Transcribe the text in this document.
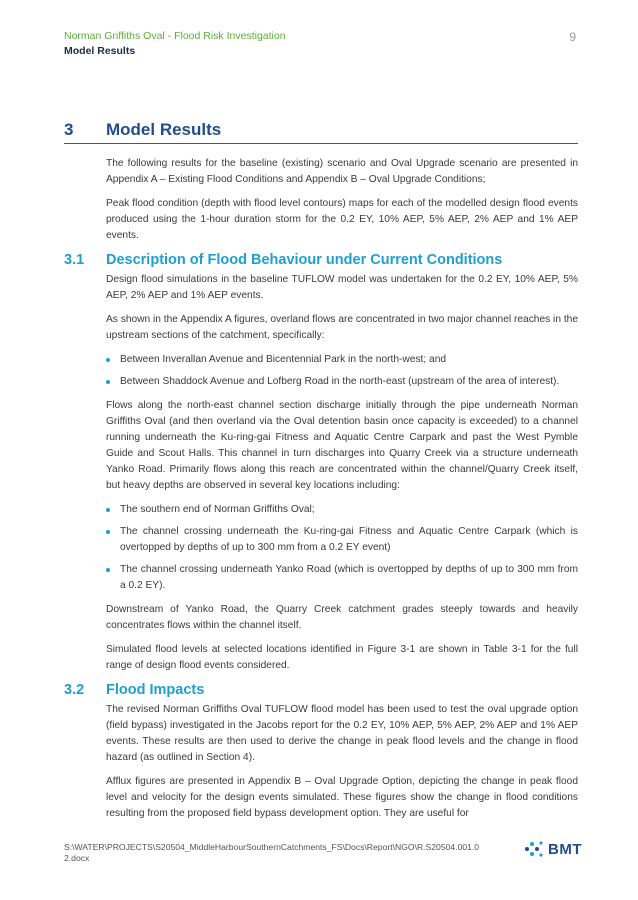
Norman Griffiths Oval - Flood Risk Investigation
Model Results
9
3	Model Results

The following results for the baseline (existing) scenario and Oval Upgrade scenario are presented in Appendix A – Existing Flood Conditions and Appendix B – Oval Upgrade Conditions;

Peak flood condition (depth with flood level contours) maps for each of the modelled design flood events produced using the 1-hour duration storm for the 0.2 EY, 10% AEP, 5% AEP, 2% AEP and 1% AEP events.

3.1	Description of Flood Behaviour under Current Conditions

Design flood simulations in the baseline TUFLOW model was undertaken for the 0.2 EY, 10% AEP, 5% AEP, 2% AEP and 1% AEP events.

As shown in the Appendix A figures, overland flows are concentrated in two major channel reaches in the upstream sections of the catchment, specifically:

Between Inverallan Avenue and Bicentennial Park in the north-west; and
Between Shaddock Avenue and Lofberg Road in the north-east (upstream of the area of interest).

Flows along the north-east channel section discharge initially through the pipe underneath Norman Griffiths Oval (and then overland via the Oval detention basin once capacity is exceeded) to a channel running underneath the Ku-ring-gai Fitness and Aquatic Centre Carpark and past the West Pymble Guide and Scout Halls. This channel in turn discharges into Quarry Creek via a structure underneath Yanko Road. Primarily flows along this reach are concentrated within the channel/Quarry Creek itself, but heavy depths are observed in several key locations including:

The southern end of Norman Griffiths Oval;
The channel crossing underneath the Ku-ring-gai Fitness and Aquatic Centre Carpark (which is overtopped by depths of up to 300 mm from a 0.2 EY event)
The channel crossing underneath Yanko Road (which is overtopped by depths of up to 300 mm from a 0.2 EY).

Downstream of Yanko Road, the Quarry Creek catchment grades steeply towards and heavily concentrates flows within the channel itself.

Simulated flood levels at selected locations identified in Figure 3-1 are shown in Table 3-1 for the full range of design flood events considered.

3.2	Flood Impacts

The revised Norman Griffiths Oval TUFLOW flood model has been used to test the oval upgrade option (field bypass) investigated in the Jacobs report for the 0.2 EY, 10% AEP, 5% AEP, 2% AEP and 1% AEP events. These results are then used to derive the change in peak flood levels and the change in flood hazard (as outlined in Section 4).

Afflux figures are presented in Appendix B – Oval Upgrade Option, depicting the change in peak flood level and velocity for the design events simulated. These figures show the change in flood conditions resulting from the proposed field bypass development option. They are useful for

S:\WATER\PROJECTS\S20504_MiddleHarbourSouthernCatchments_FS\Docs\Report\NGO\R.S20504.001.02.docx
BMT
